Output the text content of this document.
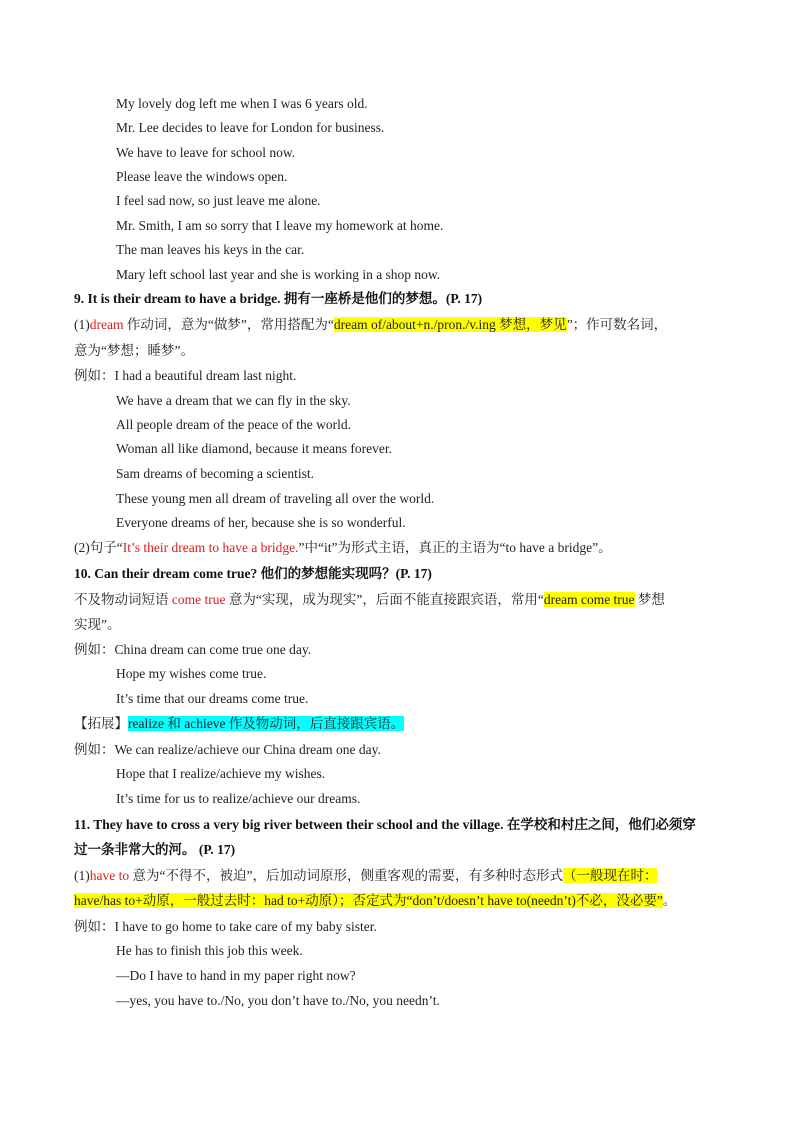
My lovely dog left me when I was 6 years old.
Mr. Lee decides to leave for London for business.
We have to leave for school now.
Please leave the windows open.
I feel sad now, so just leave me alone.
Mr. Smith, I am so sorry that I leave my homework at home.
The man leaves his keys in the car.
Mary left school last year and she is working in a shop now.
9. It is their dream to have a bridge. 拥有一座桥是他们的梦想。(P. 17)
(1)dream 作动词，意为“做梦”，常用搭配为“dream of/about+n./pron./v.ing 梦想，梦见”；作可数名词，
意为“梦想；睡梦”。
例如：I had a beautiful dream last night.
We have a dream that we can fly in the sky.
All people dream of the peace of the world.
Woman all like diamond, because it means forever.
Sam dreams of becoming a scientist.
These young men all dream of traveling all over the world.
Everyone dreams of her, because she is so wonderful.
(2)句子“It’s their dream to have a bridge.”中“it”为形式主语，真正的主语为“to have a bridge”。
10. Can their dream come true? 他们的梦想能实现吗？(P. 17)
不及物动词短语 come true 意为“实现，成为现实”，后面不能直接跟宾语，常用“dream come true 梦想
实现”。
例如：China dream can come true one day.
Hope my wishes come true.
It’s time that our dreams come true.
【拓展】realize 和 achieve 作及物动词，后直接跟宾语。
例如：We can realize/achieve our China dream one day.
Hope that I realize/achieve my wishes.
It’s time for us to realize/achieve our dreams.
11. They have to cross a very big river between their school and the village. 在学校和村庄之间，他们必须穿
过一条非常大的河。 (P. 17)
(1)have to 意为“不得不，被迫”，后加动词原形，侧重客观的需要，有多种时态形式（一般现在时：
have/has to+动原，一般过去时：had to+动原）；否定式为“don’t/doesn’t have to(needn’t)不必，没必要”。
例如：I have to go home to take care of my baby sister.
He has to finish this job this week.
—Do I have to hand in my paper right now?
—yes, you have to./No, you don’t have to./No, you needn’t.
